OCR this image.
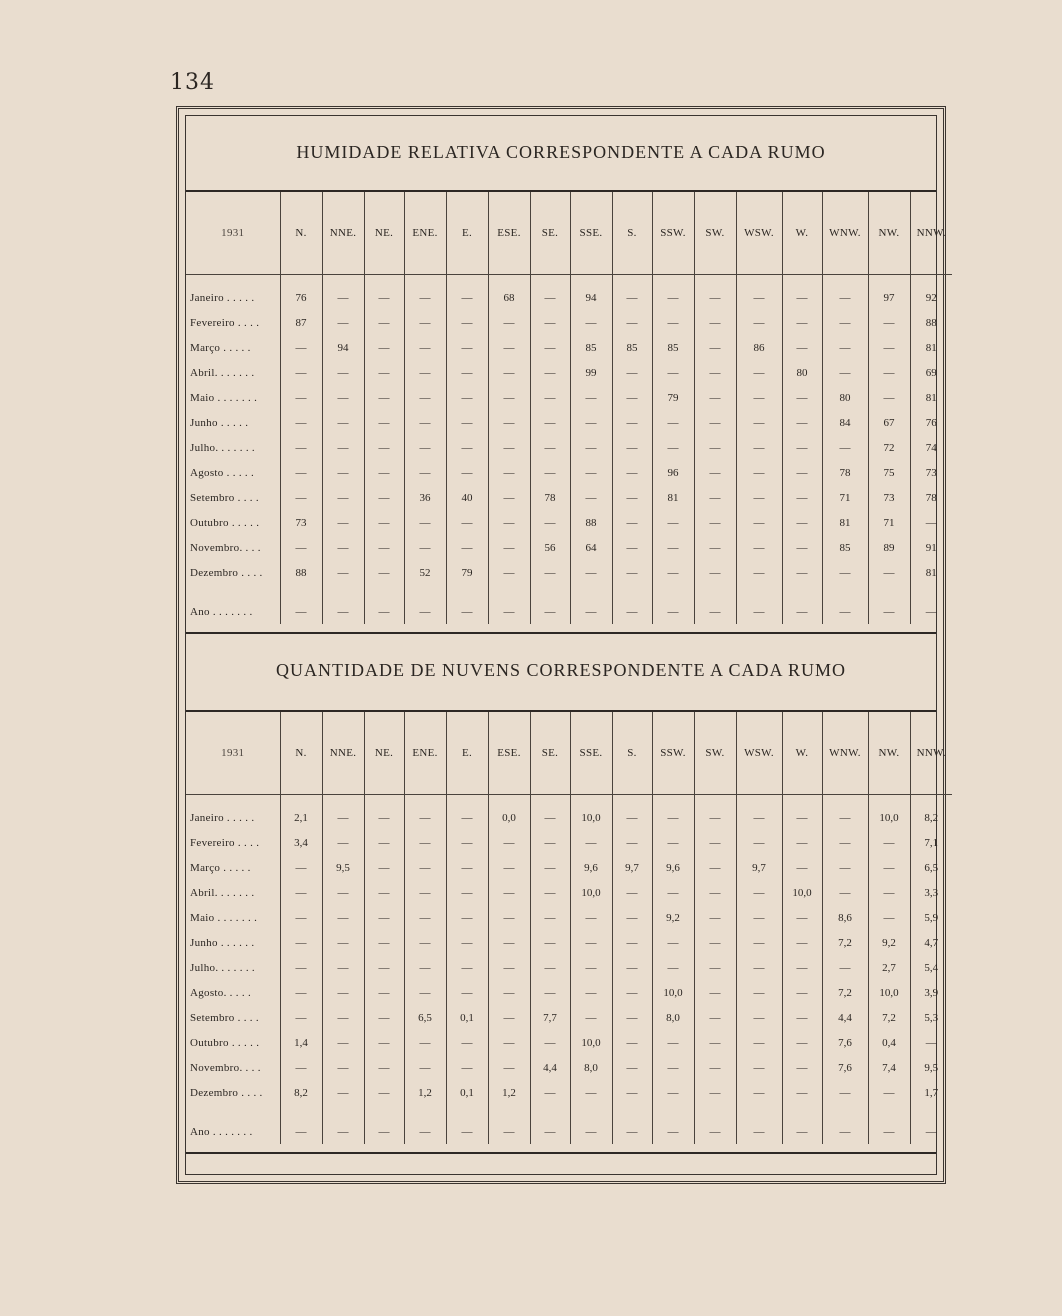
134
HUMIDADE RELATIVA CORRESPONDENTE A CADA RUMO
1931	N.	NNE.	NE.	ENE.	E.	ESE.	SE.	SSE.	S.	SSW.	SW.	WSW.	W.	WNW.	NW.	NNW.
Janeiro . . . . .	76	—	—	—	—	68	—	94	—	—	—	—	—	—	97	92
Fevereiro . . . .	87	—	—	—	—	—	—	—	—	—	—	—	—	—	—	88
Março . . . . .	—	94	—	—	—	—	—	85	85	85	—	86	—	—	—	81
Abril. . . . . . .	—	—	—	—	—	—	—	99	—	—	—	—	80	—	—	69
Maio . . . . . . .	—	—	—	—	—	—	—	—	—	79	—	—	—	80	—	81
Junho . . . . .	—	—	—	—	—	—	—	—	—	—	—	—	—	84	67	76
Julho. . . . . . .	—	—	—	—	—	—	—	—	—	—	—	—	—	—	72	74
Agosto . . . . .	—	—	—	—	—	—	—	—	—	96	—	—	—	78	75	73
Setembro . . . .	—	—	—	36	40	—	78	—	—	81	—	—	—	71	73	78
Outubro . . . . .	73	—	—	—	—	—	—	88	—	—	—	—	—	81	71	—
Novembro. . . .	—	—	—	—	—	—	56	64	—	—	—	—	—	85	89	91
Dezembro . . . .	88	—	—	52	79	—	—	—	—	—	—	—	—	—	—	81

Ano . . . . . . .	—	—	—	—	—	—	—	—	—	—	—	—	—	—	—	—
QUANTIDADE DE NUVENS CORRESPONDENTE A CADA RUMO
1931	N.	NNE.	NE.	ENE.	E.	ESE.	SE.	SSE.	S.	SSW.	SW.	WSW.	W.	WNW.	NW.	NNW.
Janeiro . . . . .	2,1	—	—	—	—	0,0	—	10,0	—	—	—	—	—	—	10,0	8,2
Fevereiro . . . .	3,4	—	—	—	—	—	—	—	—	—	—	—	—	—	—	7,1
Março . . . . .	—	9,5	—	—	—	—	—	9,6	9,7	9,6	—	9,7	—	—	—	6,5
Abril. . . . . . .	—	—	—	—	—	—	—	10,0	—	—	—	—	10,0	—	—	3,3
Maio . . . . . . .	—	—	—	—	—	—	—	—	—	9,2	—	—	—	8,6	—	5,9
Junho . . . . . .	—	—	—	—	—	—	—	—	—	—	—	—	—	7,2	9,2	4,7
Julho. . . . . . .	—	—	—	—	—	—	—	—	—	—	—	—	—	—	2,7	5,4
Agosto. . . . .	—	—	—	—	—	—	—	—	—	10,0	—	—	—	7,2	10,0	3,9
Setembro . . . .	—	—	—	6,5	0,1	—	7,7	—	—	8,0	—	—	—	4,4	7,2	5,3
Outubro . . . . .	1,4	—	—	—	—	—	—	10,0	—	—	—	—	—	7,6	0,4	—
Novembro. . . .	—	—	—	—	—	—	4,4	8,0	—	—	—	—	—	7,6	7,4	9,5
Dezembro . . . .	8,2	—	—	1,2	0,1	1,2	—	—	—	—	—	—	—	—	—	1,7

Ano . . . . . . .	—	—	—	—	—	—	—	—	—	—	—	—	—	—	—	—
